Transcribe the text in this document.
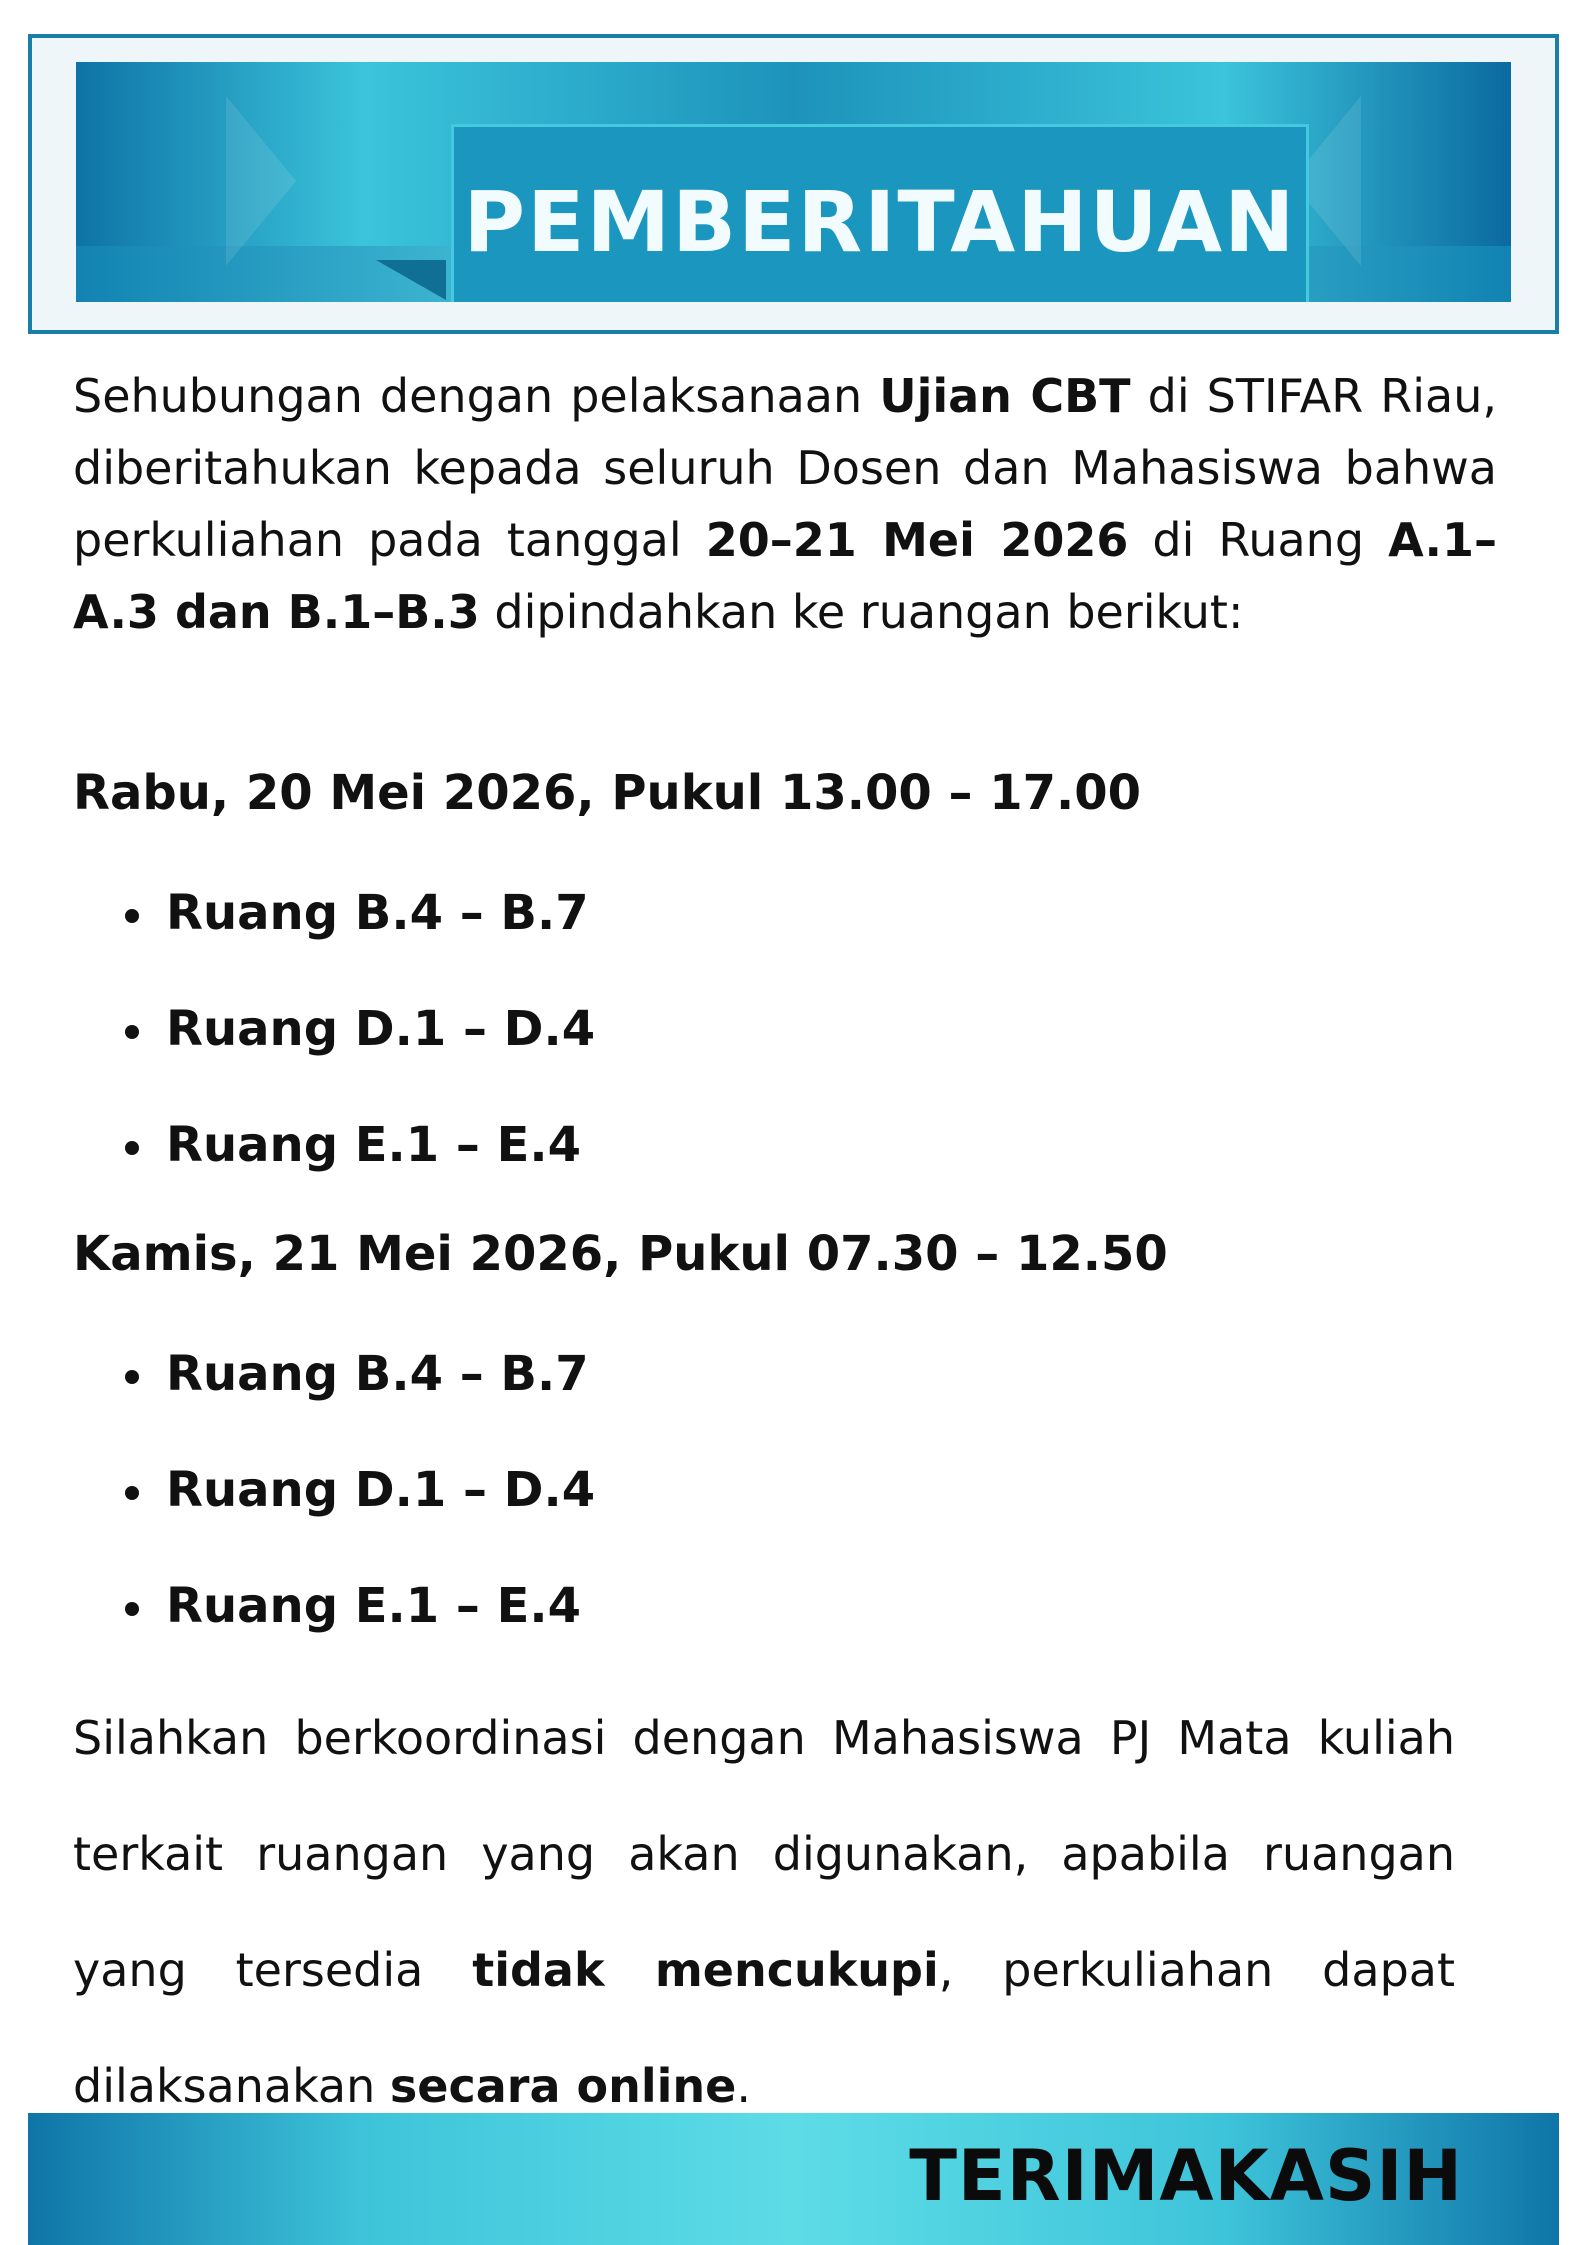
PEMBERITAHUAN

Sehubungan dengan pelaksanaan Ujian CBT di STIFAR Riau, diberitahukan kepada seluruh Dosen dan Mahasiswa bahwa perkuliahan pada tanggal 20–21 Mei 2026 di Ruang A.1–A.3 dan B.1–B.3 dipindahkan ke ruangan berikut:

Rabu, 20 Mei 2026, Pukul 13.00 – 17.00

Ruang B.4 – B.7
Ruang D.1 – D.4
Ruang E.1 – E.4

Kamis, 21 Mei 2026, Pukul 07.30 – 12.50

Ruang B.4 – B.7
Ruang D.1 – D.4
Ruang E.1 – E.4

Silahkan berkoordinasi dengan Mahasiswa PJ Mata kuliah terkait ruangan yang akan digunakan, apabila ruangan yang tersedia tidak mencukupi, perkuliahan dapat dilaksanakan secara online.

TERIMAKASIH
